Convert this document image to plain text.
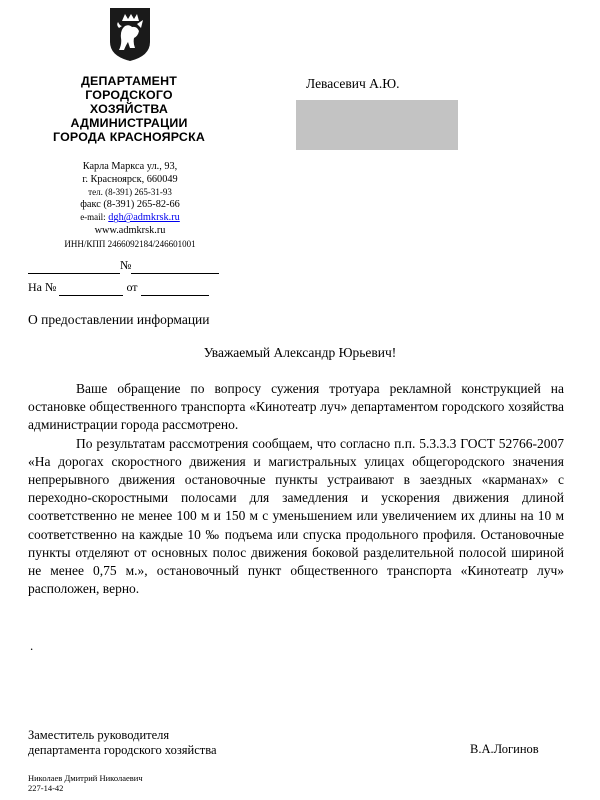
ДЕПАРТАМЕНТ
ГОРОДСКОГО
ХОЗЯЙСТВА
АДМИНИСТРАЦИИ
ГОРОДА КРАСНОЯРСКА
Карла Маркса ул., 93,
г. Красноярск, 660049
тел. (8-391) 265-31-93
факс (8-391) 265-82-66
e-mail: dgh@admkrsk.ru
www.admkrsk.ru
ИНН/КПП 2466092184/246601001
№
На №	от
Левасевич А.Ю.
О предоставлении информации
Уважаемый Александр Юрьевич!

Ваше обращение по вопросу сужения тротуара рекламной конструкцией на остановке общественного транспорта «Кинотеатр луч» департаментом городского хозяйства администрации города рассмотрено.

По результатам рассмотрения сообщаем, что согласно п.п. 5.3.3.3 ГОСТ 52766-2007 «На дорогах скоростного движения и магистральных улицах общегородского значения непрерывного движения остановочные пункты устраивают в заездных «карманах» с переходно-скоростными полосами для замедления и ускорения движения длиной соответственно не менее 100 м и 150 м с уменьшением или увеличением их длины на 10 м соответственно на каждые 10 ‰ подъема или спуска продольного профиля. Остановочные пункты отделяют от основных полос движения боковой разделительной полосой шириной не менее 0,75 м.», остановочный пункт общественного транспорта «Кинотеатр луч» расположен, верно.

.
Заместитель руководителя
департамента городского хозяйства	В.А.Логинов
Николаев Дмитрий Николаевич
227-14-42
